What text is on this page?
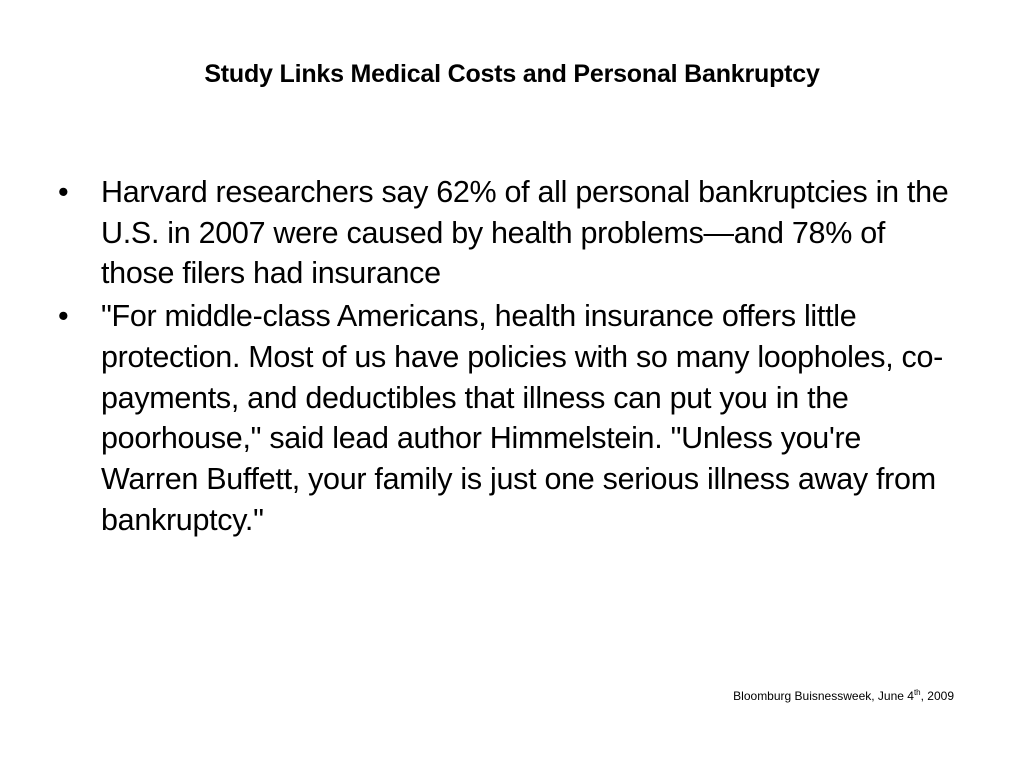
Study Links Medical Costs and Personal Bankruptcy
•	Harvard researchers say 62% of all personal bankruptcies in the U.S. in 2007 were caused by health problems—and 78% of those filers had insurance
•	"For middle-class Americans, health insurance offers little protection. Most of us have policies with so many loopholes, co-payments, and deductibles that illness can put you in the poorhouse," said lead author Himmelstein. "Unless you're Warren Buffett, your family is just one serious illness away from bankruptcy."
Bloomburg Buisnessweek, June 4th, 2009
